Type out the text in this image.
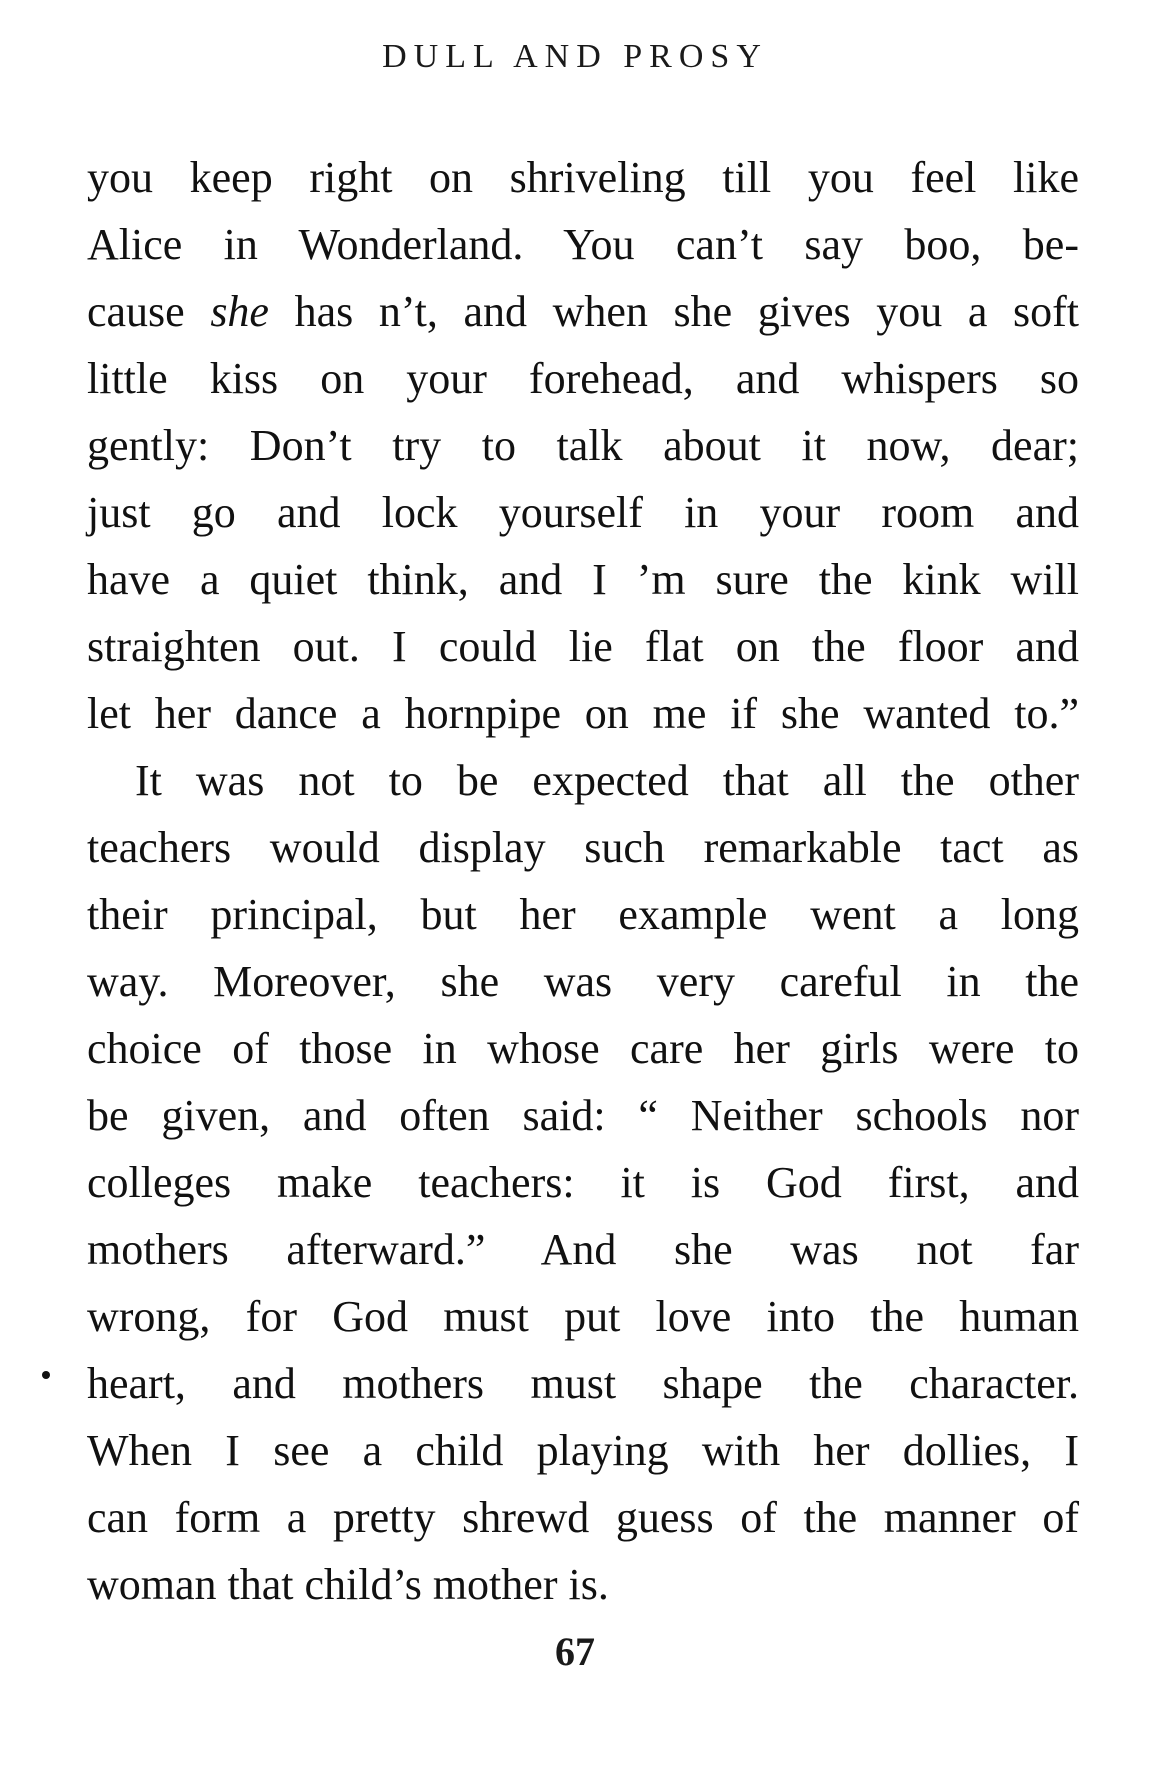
DULL AND PROSY
you keep right on shriveling till you feel like
Alice in Wonderland. You can’t say boo, be-
cause she has n’t, and when she gives you a soft
little kiss on your forehead, and whispers so
gently: Don’t try to talk about it now, dear;
just go and lock yourself in your room and
have a quiet think, and I ’m sure the kink will
straighten out. I could lie flat on the floor and
let her dance a hornpipe on me if she wanted to.”
It was not to be expected that all the other
teachers would display such remarkable tact as
their principal, but her example went a long
way. Moreover, she was very careful in the
choice of those in whose care her girls were to
be given, and often said: “ Neither schools nor
colleges make teachers: it is God first, and
mothers afterward.” And she was not far
wrong, for God must put love into the human
heart, and mothers must shape the character.
When I see a child playing with her dollies, I
can form a pretty shrewd guess of the manner of
woman that child’s mother is.
67
